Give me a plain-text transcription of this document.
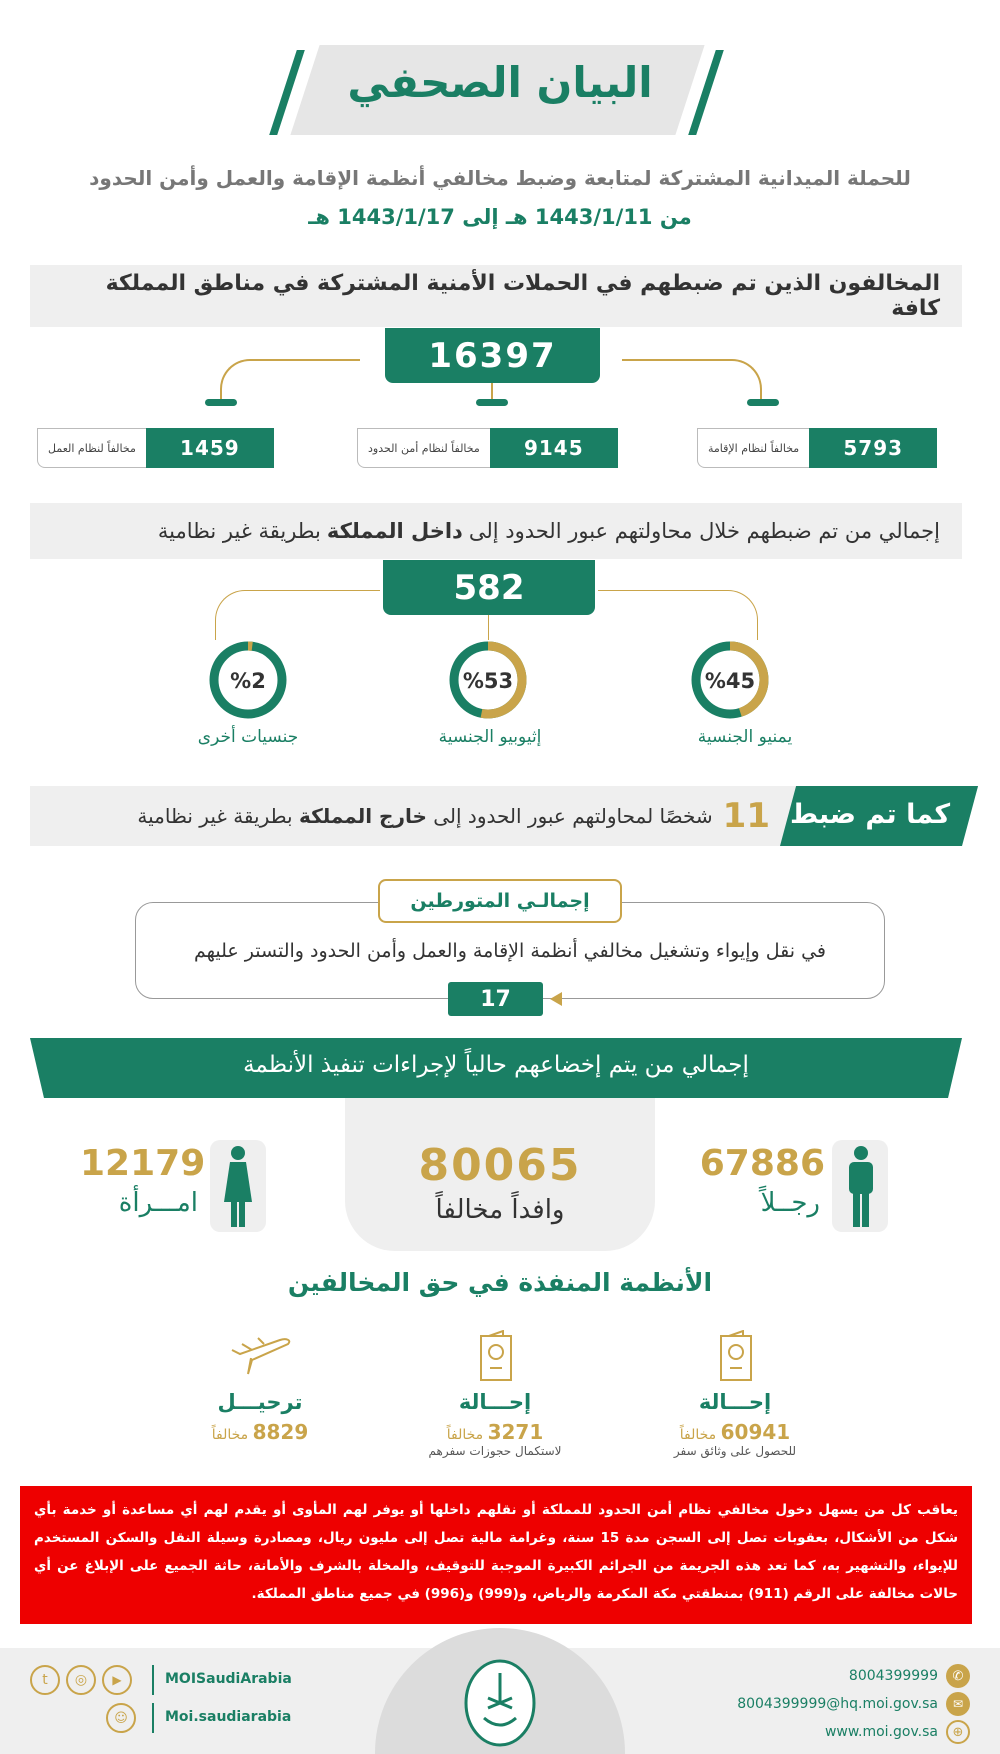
البيان الصحفي
للحملة الميدانية المشتركة لمتابعة وضبط مخالفي أنظمة الإقامة والعمل وأمن الحدود
من 1443/1/11 هـ إلى 1443/1/17 هـ
المخالفون الذين تم ضبطهم في الحملات الأمنية المشتركة في مناطق المملكة كافة
16397
5793
مخالفاً لنظام الإقامة
9145
مخالفاً لنظام أمن الحدود
1459
مخالفاً لنظام العمل
إجمالي من تم ضبطهم خلال محاولتهم عبور الحدود إلى
داخل المملكة
بطريقة غير نظامية
582
%45
%53
%2
يمنيو الجنسية
إثيوبيو الجنسية
جنسيات أخرى
كما تم ضبط
11
شخصًا لمحاولتهم عبور الحدود إلى خارج المملكة بطريقة غير نظامية
إجمالـي المتورطين
في نقل وإيواء وتشغيل مخالفي أنظمة الإقامة والعمل وأمن الحدود والتستر عليهم
17
إجمالي من يتم إخضاعهم حالياً لإجراءات تنفيذ الأنظمة
80065
وافداً مخالفاً
67886
رجــلاً
12179
امـــرأة
الأنظمة المنفذة في حق المخالفين
إحـــالة
60941 مخالفاً
للحصول على وثائق سفر
إحـــالة
3271 مخالفاً
لاستكمال حجوزات سفرهم
ترحيـــل
8829 مخالفاً
يعاقب كل من يسهل دخول مخالفي نظام أمن الحدود للمملكة أو نقلهم داخلها أو يوفر لهم المأوى أو يقدم لهم أي مساعدة أو خدمة بأي شكل من الأشكال، بعقوبات تصل إلى السجن مدة 15 سنة، وغرامة مالية تصل إلى مليون ريال، ومصادرة وسيلة النقل والسكن المستخدم للإيواء، والتشهير به، كما تعد هذه الجريمة من الجرائم الكبيرة الموجبة للتوقيف، والمخلة بالشرف والأمانة، حاثة الجميع على الإبلاغ عن أي حالات مخالفة على الرقم (911) بمنطقتي مكة المكرمة والرياض، و(999) و(996) في جميع مناطق المملكة.
t	◎	▶
☺
MOISaudiArabia
Moi.saudiarabia
8004399999	✆
8004399999@hq.moi.gov.sa	✉
www.moi.gov.sa	⊕
